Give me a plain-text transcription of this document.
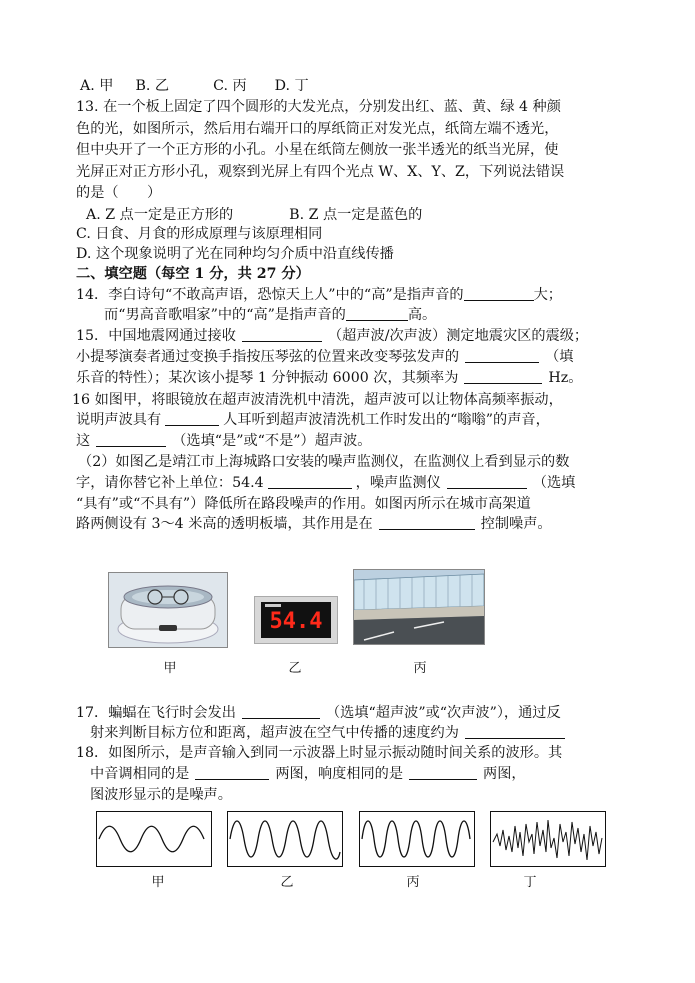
A. 甲 B. 乙	C. 丙 D. 丁
13. 在一个板上固定了四个圆形的大发光点，分别发出红、蓝、黄、绿 4 种颜
色的光，如图所示，然后用右端开口的厚纸筒正对发光点，纸筒左端不透光，
但中央开了一个正方形的小孔。小星在纸筒左侧放一张半透光的纸当光屏，使
光屏正对正方形小孔，观察到光屏上有四个光点 W、X、Y、Z，下列说法错误
的是（　　）
A. Z 点一定是正方形的	B. Z 点一定是蓝色的
C. 日食、月食的形成原理与该原理相同
D. 这个现象说明了光在同种均匀介质中沿直线传播
二、填空题（每空 1 分，共 27 分）
14．李白诗句“不敢高声语，恐惊天上人”中的“高”是指声音的	大；
而“男高音歌唱家”中的“高”是指声音的	高。
15．中国地震网通过接收	（超声波/次声波）测定地震灾区的震级；
小提琴演奏者通过变换手指按压琴弦的位置来改变琴弦发声的	（填
乐音的特性）；某次该小提琴 1 分钟振动 6000 次，其频率为	Hz。
16 如图甲，将眼镜放在超声波清洗机中清洗，超声波可以让物体高频率振动，
说明声波具有	人耳听到超声波清洗机工作时发出的“嗡嗡”的声音，
这	（选填“是”或“不是”）超声波。
（2）如图乙是靖江市上海城路口安装的噪声监测仪，在监测仪上看到显示的数
字，请你替它补上单位：54.4	，噪声监测仪	（选填
“具有”或“不具有”）降低所在路段噪声的作用。如图丙所示在城市高架道
路两侧设有 3～4 米高的透明板墙，其作用是在	控制噪声。
54.4
甲	乙	丙
17．蝙蝠在飞行时会发出	（选填“超声波”或“次声波”），通过反
射来判断目标方位和距离，超声波在空气中传播的速度约为
18．如图所示，是声音输入到同一示波器上时显示振动随时间关系的波形。其
中音调相同的是	两图，响度相同的是	两图，
图波形显示的是噪声。
甲	乙	丙	丁
